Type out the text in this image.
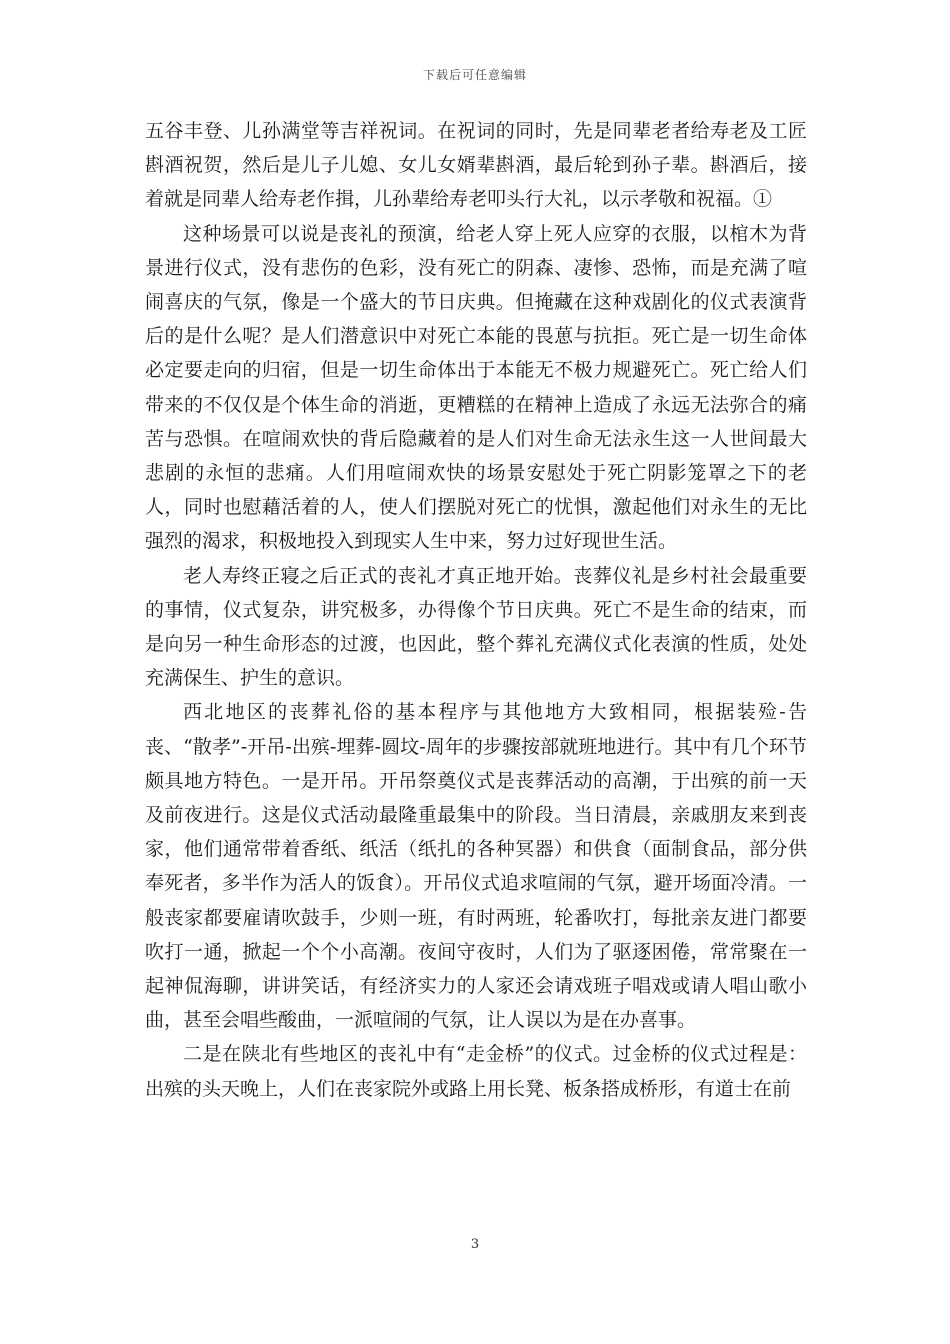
下载后可任意编辑

五谷丰登、儿孙满堂等吉祥祝词。在祝词的同时，先是同辈老者给寿老及工匠斟酒祝贺，然后是儿子儿媳、女儿女婿辈斟酒，最后轮到孙子辈。斟酒后，接着就是同辈人给寿老作揖，儿孙辈给寿老叩头行大礼，以示孝敬和祝福。①

这种场景可以说是丧礼的预演，给老人穿上死人应穿的衣服，以棺木为背景进行仪式，没有悲伤的色彩，没有死亡的阴森、凄惨、恐怖，而是充满了喧闹喜庆的气氛，像是一个盛大的节日庆典。但掩藏在这种戏剧化的仪式表演背后的是什么呢？是人们潜意识中对死亡本能的畏葸与抗拒。死亡是一切生命体必定要走向的归宿，但是一切生命体出于本能无不极力规避死亡。死亡给人们带来的不仅仅是个体生命的消逝，更糟糕的在精神上造成了永远无法弥合的痛苦与恐惧。在喧闹欢快的背后隐藏着的是人们对生命无法永生这一人世间最大悲剧的永恒的悲痛。人们用喧闹欢快的场景安慰处于死亡阴影笼罩之下的老人，同时也慰藉活着的人，使人们摆脱对死亡的忧惧，激起他们对永生的无比强烈的渴求，积极地投入到现实人生中来，努力过好现世生活。

老人寿终正寝之后正式的丧礼才真正地开始。丧葬仪礼是乡村社会最重要的事情，仪式复杂，讲究极多，办得像个节日庆典。死亡不是生命的结束，而是向另一种生命形态的过渡，也因此，整个葬礼充满仪式化表演的性质，处处充满保生、护生的意识。

西北地区的丧葬礼俗的基本程序与其他地方大致相同，根据装殓-告丧、“散孝”-开吊-出殡-埋葬-圆坟-周年的步骤按部就班地进行。其中有几个环节颇具地方特色。一是开吊。开吊祭奠仪式是丧葬活动的高潮，于出殡的前一天及前夜进行。这是仪式活动最隆重最集中的阶段。当日清晨，亲戚朋友来到丧家，他们通常带着香纸、纸活（纸扎的各种冥器）和供食（面制食品，部分供奉死者，多半作为活人的饭食）。开吊仪式追求喧闹的气氛，避开场面冷清。一般丧家都要雇请吹鼓手，少则一班，有时两班，轮番吹打，每批亲友进门都要吹打一通，掀起一个个小高潮。夜间守夜时，人们为了驱逐困倦，常常聚在一起神侃海聊，讲讲笑话，有经济实力的人家还会请戏班子唱戏或请人唱山歌小曲，甚至会唱些酸曲，一派喧闹的气氛，让人误以为是在办喜事。

二是在陕北有些地区的丧礼中有“走金桥”的仪式。过金桥的仪式过程是：出殡的头天晚上，人们在丧家院外或路上用长凳、板条搭成桥形，有道士在前

3
